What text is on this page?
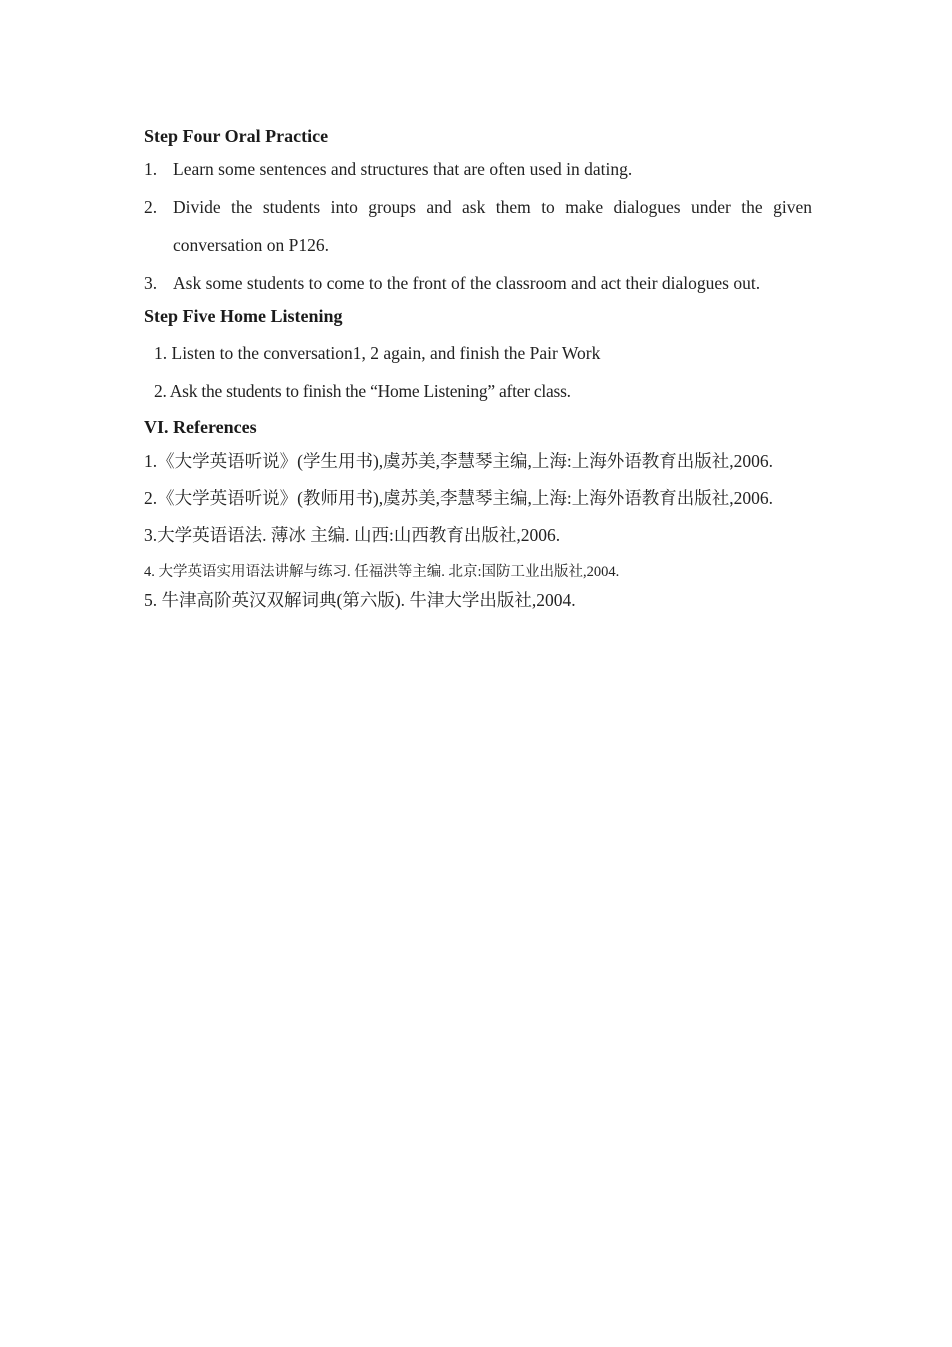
Step Four Oral Practice
1. Learn some sentences and structures that are often used in dating.
2. Divide the students into groups and ask them to make dialogues under the given conversation on P126.
3. Ask some students to come to the front of the classroom and act their dialogues out.
Step Five Home Listening
1. Listen to the conversation1, 2 again, and finish the Pair Work
2. Ask the students to finish the “Home Listening” after class.
VI. References
1.《大学英语听说》(学生用书),虞苏美,李慧琴主编,上海:上海外语教育出版社,2006.
2.《大学英语听说》(教师用书),虞苏美,李慧琴主编,上海:上海外语教育出版社,2006.
3.大学英语语法. 薄冰 主编. 山西:山西教育出版社,2006.
4. 大学英语实用语法讲解与练习. 任福洪等主编. 北京:国防工业出版社,2004.
5. 牛津高阶英汉双解词典(第六版). 牛津大学出版社,2004.
